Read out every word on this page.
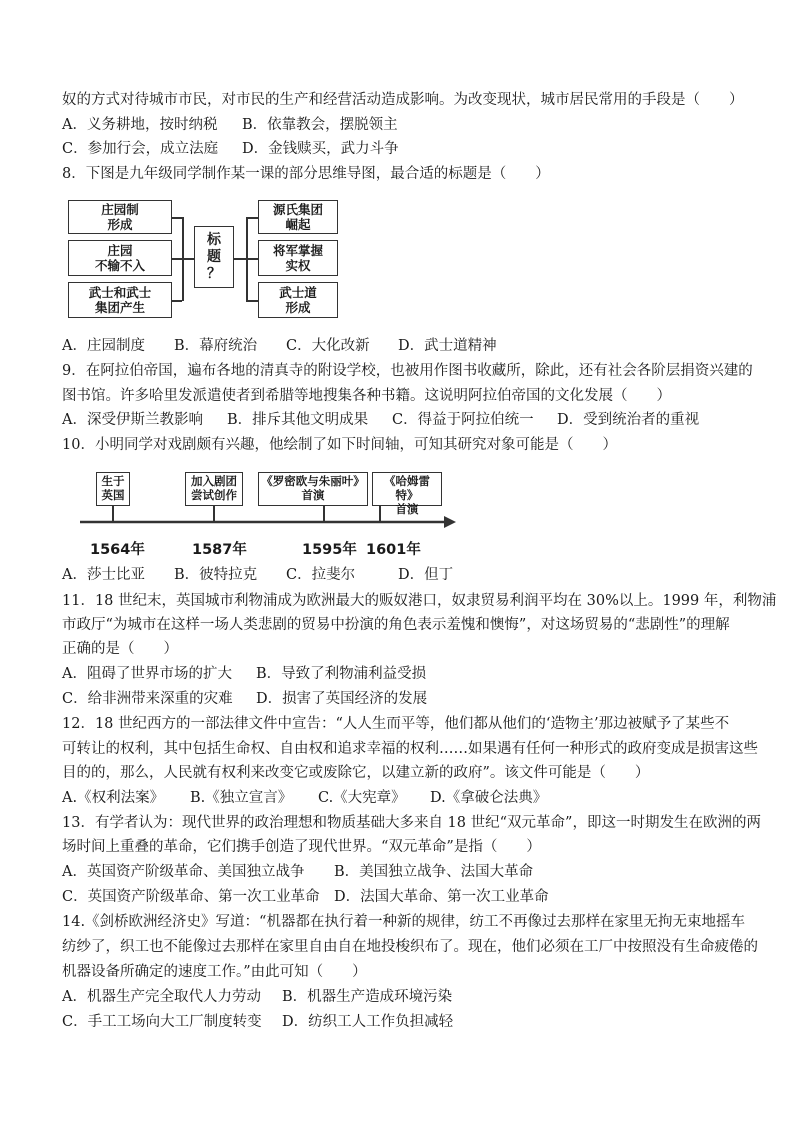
奴的方式对待城市市民，对市民的生产和经营活动造成影响。为改变现状，城市居民常用的手段是（　　）
A．义务耕地，按时纳税 B．依靠教会，摆脱领主
C．参加行会，成立法庭 D．金钱赎买，武力斗争
8．下图是九年级同学制作某一课的部分思维导图，最合适的标题是（　　）
庄园制
形成
庄园
不输不入
武士和武士
集团产生
标
题
？
源氏集团
崛起
将军掌握
实权
武士道
形成
A．庄园制度 B．幕府统治 C．大化改新 D．武士道精神
9．在阿拉伯帝国，遍布各地的清真寺的附设学校，也被用作图书收藏所，除此，还有社会各阶层捐资兴建的
图书馆。许多哈里发派遣使者到希腊等地搜集各种书籍。这说明阿拉伯帝国的文化发展（　　）
A．深受伊斯兰教影响 B．排斥其他文明成果 C．得益于阿拉伯统一 D．受到统治者的重视
10．小明同学对戏剧颇有兴趣，他绘制了如下时间轴，可知其研究对象可能是（　　）
生于
英国
加入剧团
尝试创作
《罗密欧与朱丽叶》
首演
《哈姆雷特》
首演
1564年	1587年	1595年 1601年
A．莎士比亚 B．彼特拉克 C．拉斐尔	D．但丁
11．18 世纪末，英国城市利物浦成为欧洲最大的贩奴港口，奴隶贸易利润平均在 30%以上。1999 年，利物浦
市政厅“为城市在这样一场人类悲剧的贸易中扮演的角色表示羞愧和懊悔”，对这场贸易的“悲剧性”的理解
正确的是（　　）
A．阻碍了世界市场的扩大 B．导致了利物浦利益受损
C．给非洲带来深重的灾难 D．损害了英国经济的发展
12．18 世纪西方的一部法律文件中宣告：“人人生而平等，他们都从他们的‘造物主’那边被赋予了某些不
可转让的权利，其中包括生命权、自由权和追求幸福的权利……如果遇有任何一种形式的政府变成是损害这些
目的的，那么，人民就有权利来改变它或废除它，以建立新的政府”。该文件可能是（　　）
A.《权利法案》 B.《独立宣言》 C.《大宪章》 D.《拿破仑法典》
13．有学者认为：现代世界的政治理想和物质基础大多来自 18 世纪“双元革命”，即这一时期发生在欧洲的两
场时间上重叠的革命，它们携手创造了现代世界。“双元革命”是指（　　）
A．英国资产阶级革命、美国独立战争 B．美国独立战争、法国大革命
C．英国资产阶级革命、第一次工业革命 D．法国大革命、第一次工业革命
14.《剑桥欧洲经济史》写道：“机器都在执行着一种新的规律，纺工不再像过去那样在家里无拘无束地摇车
纺纱了，织工也不能像过去那样在家里自由自在地投梭织布了。现在，他们必须在工厂中按照没有生命疲倦的
机器设备所确定的速度工作。”由此可知（　　）
A．机器生产完全取代人力劳动 B．机器生产造成环境污染
C．手工工场向大工厂制度转变 D．纺织工人工作负担减轻
